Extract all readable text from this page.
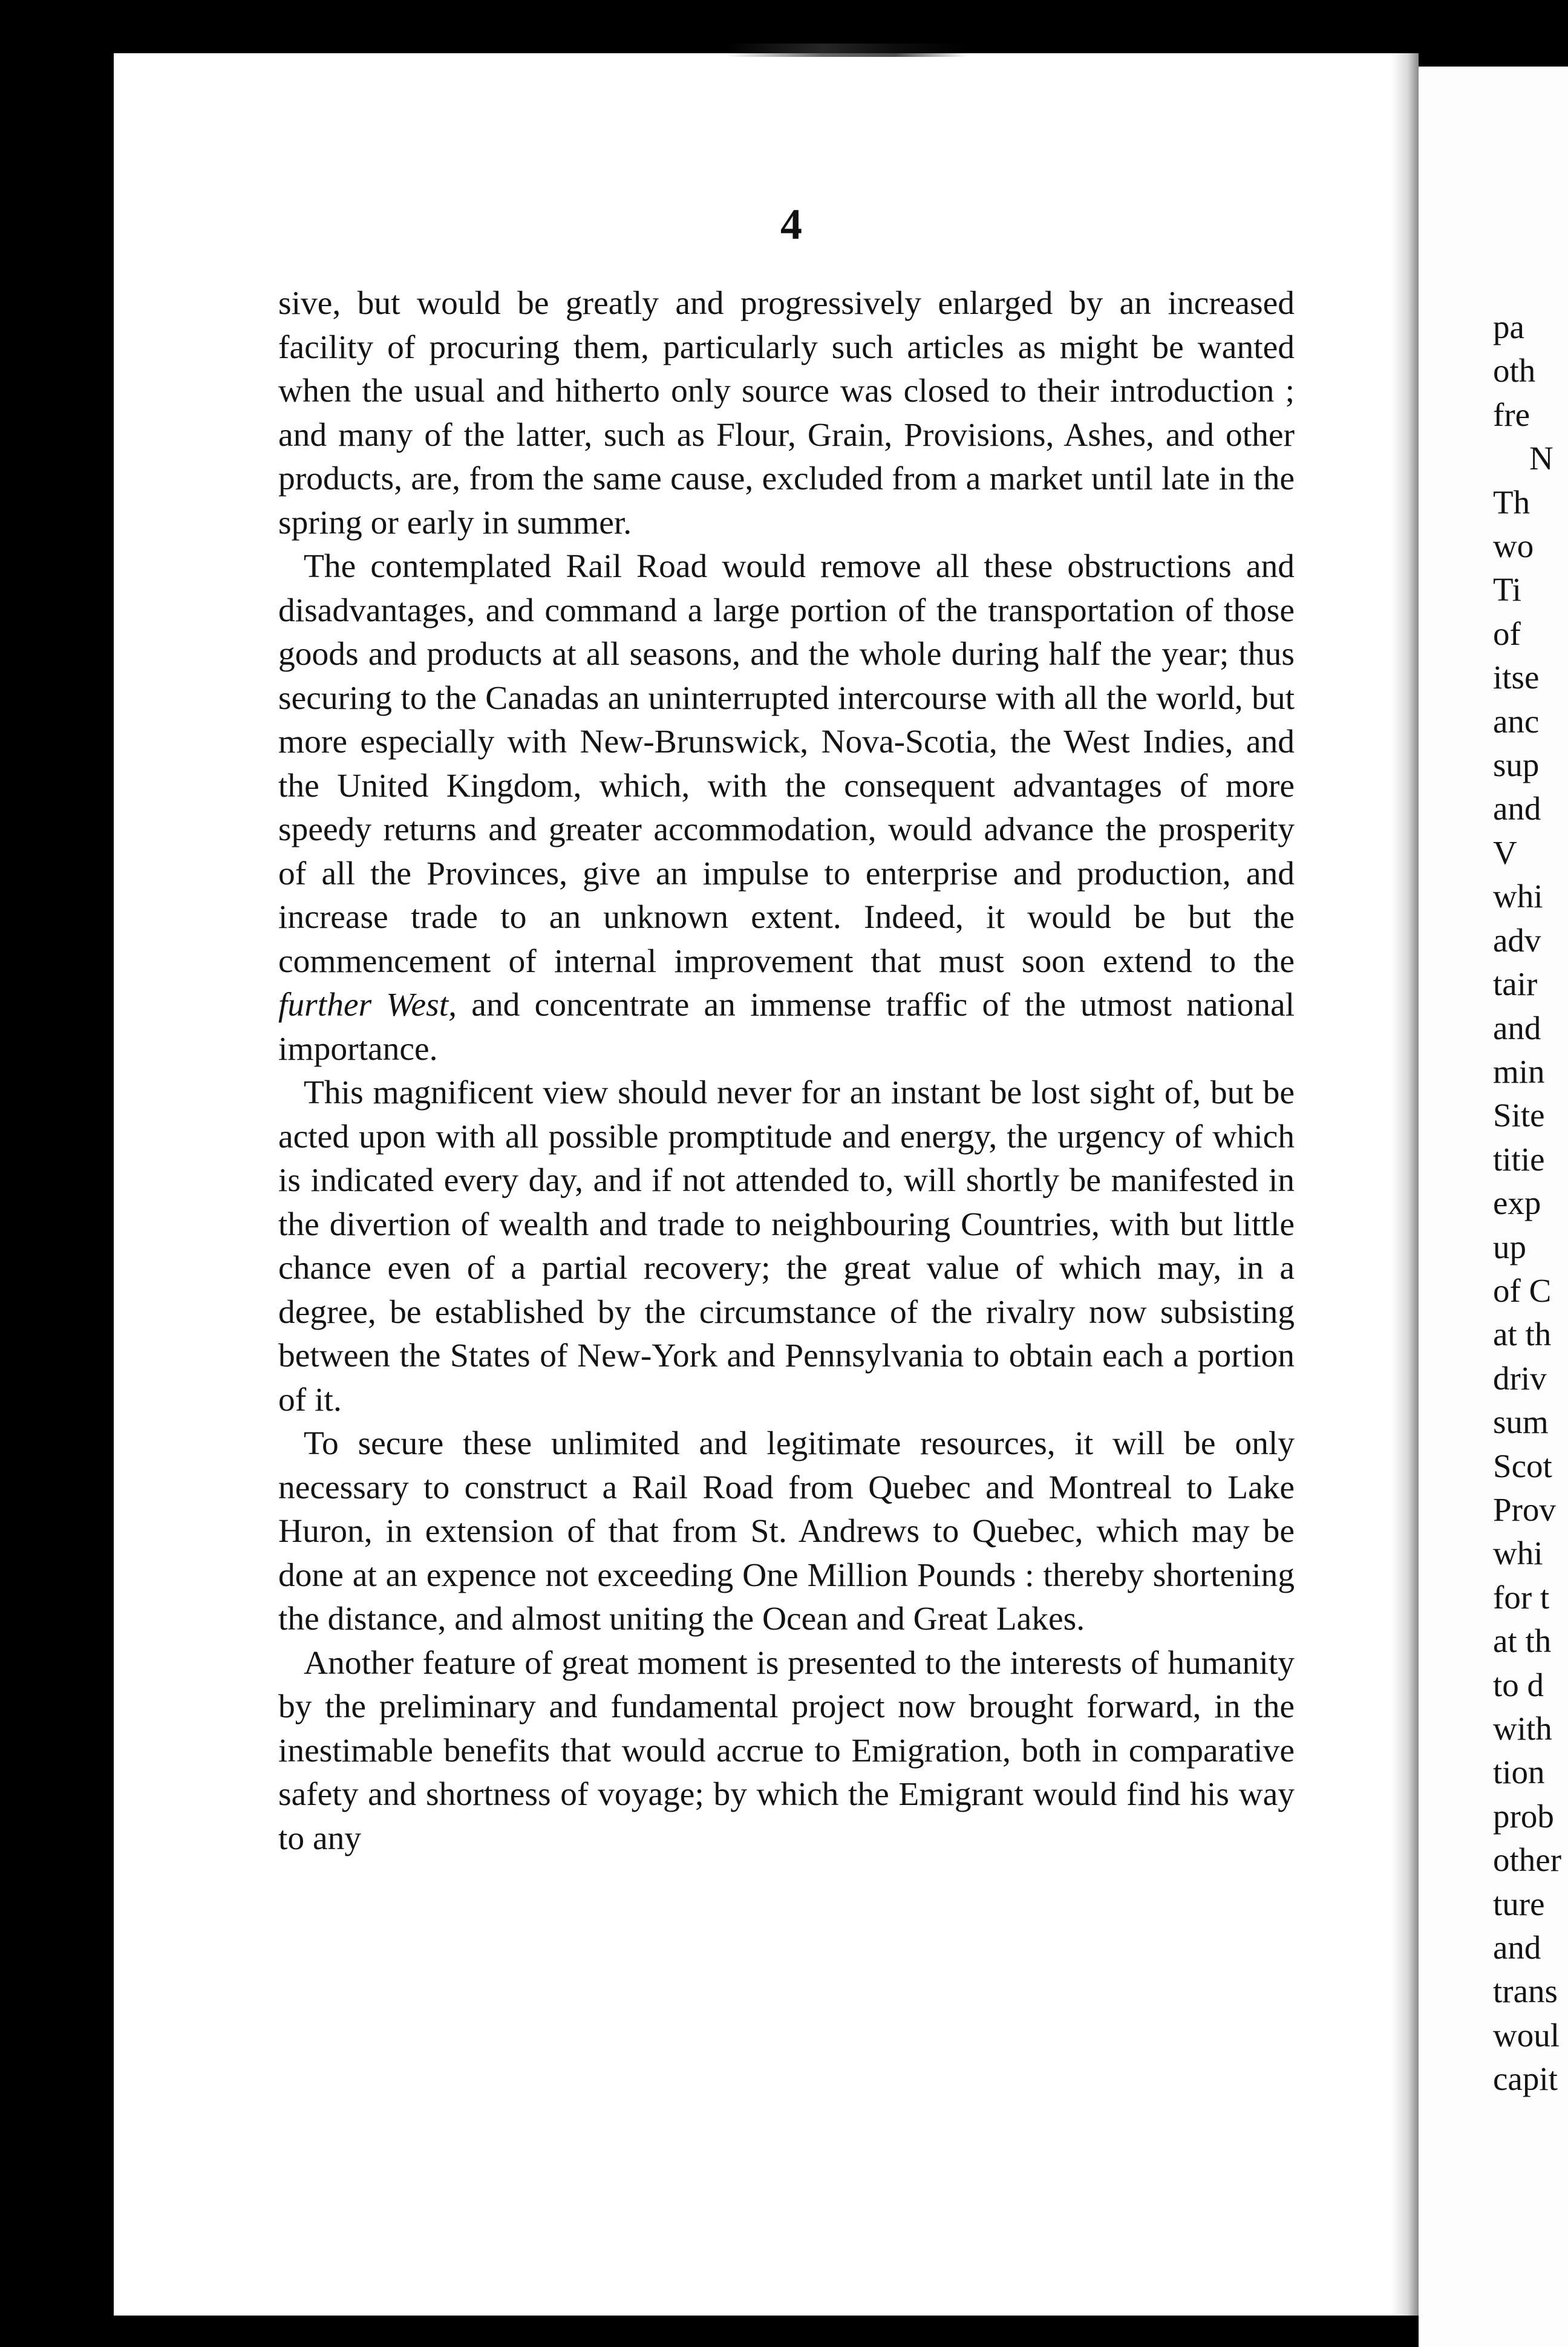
4

sive, but would be greatly and progressively enlarged by an increased facility of procuring them, particularly such articles as might be wanted when the usual and hitherto only source was closed to their introduction ; and many of the latter, such as Flour, Grain, Provisions, Ashes, and other products, are, from the same cause, excluded from a market until late in the spring or early in summer.

The contemplated Rail Road would remove all these obstructions and disadvantages, and command a large portion of the transportation of those goods and products at all seasons, and the whole during half the year; thus securing to the Canadas an uninterrupted intercourse with all the world, but more especially with New-Brunswick, Nova-Scotia, the West Indies, and the United Kingdom, which, with the consequent advantages of more speedy returns and greater accommodation, would advance the prosperity of all the Provinces, give an impulse to enterprise and production, and increase trade to an unknown extent. Indeed, it would be but the commencement of internal improvement that must soon extend to the further West, and concentrate an immense traffic of the utmost national importance.

This magnificent view should never for an instant be lost sight of, but be acted upon with all possible promptitude and energy, the urgency of which is indicated every day, and if not attended to, will shortly be manifested in the divertion of wealth and trade to neighbouring Countries, with but little chance even of a partial recovery; the great value of which may, in a degree, be established by the circumstance of the rivalry now subsisting between the States of New-York and Pennsylvania to obtain each a portion of it.

To secure these unlimited and legitimate resources, it will be only necessary to construct a Rail Road from Quebec and Montreal to Lake Huron, in extension of that from St. Andrews to Quebec, which may be done at an expence not exceeding One Million Pounds : thereby shortening the distance, and almost uniting the Ocean and Great Lakes.

Another feature of great moment is presented to the interests of humanity by the preliminary and fundamental project now brought forward, in the inestimable benefits that would accrue to Emigration, both in comparative safety and shortness of voyage; by which the Emigrant would find his way to any

pa
oth
fre
N
Th
wo
Ti
of
itse
anc
sup
and
V
whi
adv
tair
and
min
Site
titie
exp
up
of C
at th
driv
sum
Scot
Prov
whi
for t
at th
to d
with
tion
prob
other
ture
and
trans
woul
capit
